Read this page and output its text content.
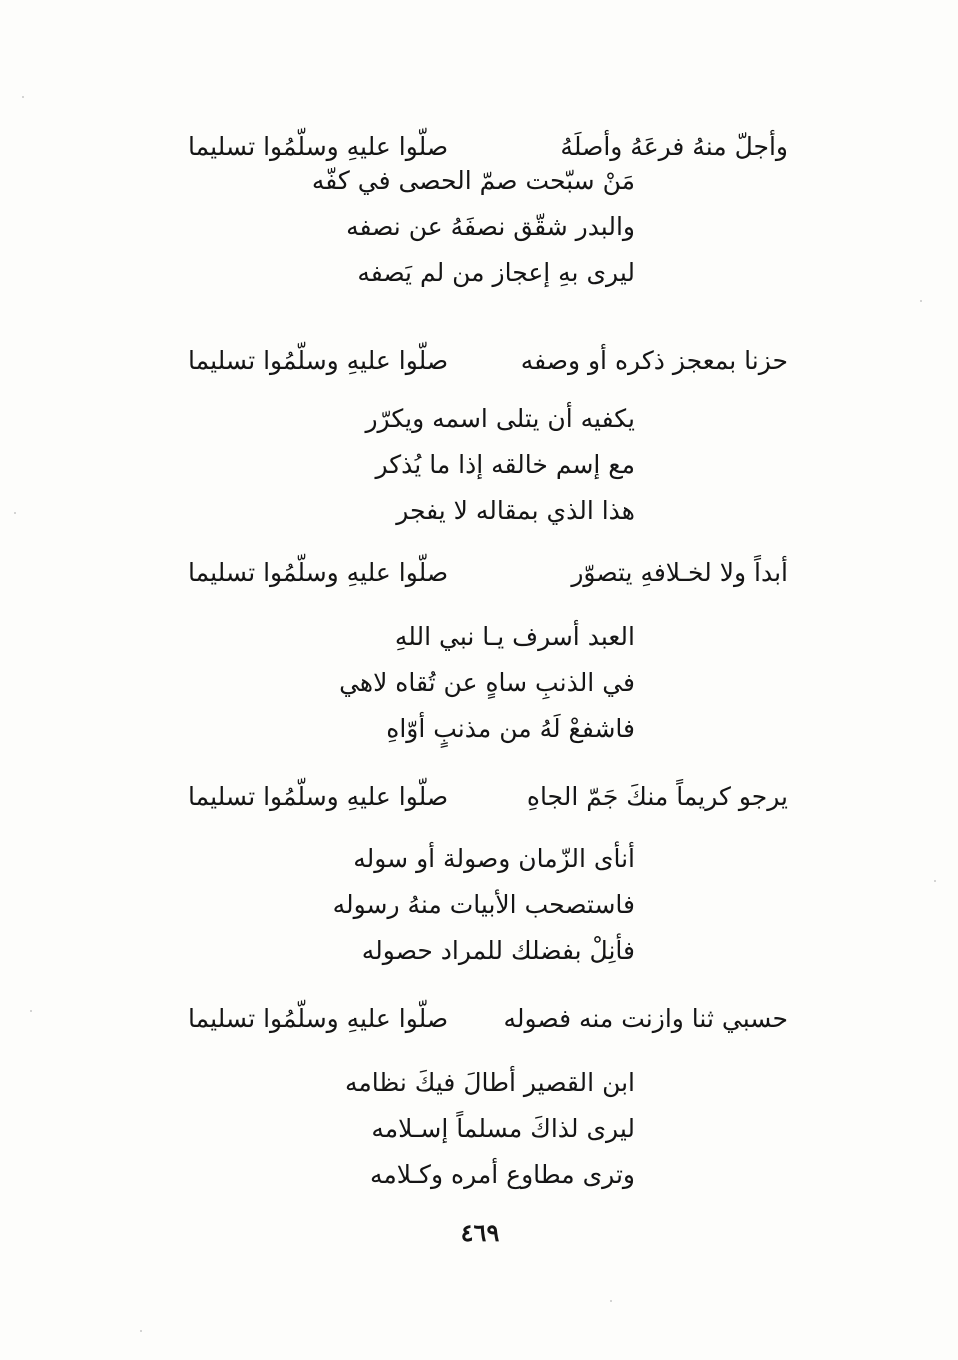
وأجلّ منهُ فرعَهُ وأصلَهُ
صلّوا عليهِ وسلّمُوا تسليما
مَنْ سبّحت صمّ الحصى في كفّه
والبدر شقّق نصفَهُ عن نصفه
ليرى بهِ إعجاز من لم يَصفه
حزنا بمعجز ذكره أو وصفه
صلّوا عليهِ وسلّمُوا تسليما
يكفيه أن يتلى اسمه ويكرّر
مع إسم خالقه إذا ما يُذكر
هذا الذي بمقاله لا يفجر
أبداً ولا لخـلافهِ يتصوّر
صلّوا عليهِ وسلّمُوا تسليما
العبد أسرف يـا نبي اللهِ
في الذنبِ ساهٍ عن تُقاه لاهي
فاشفعْ لَهُ من مذنبٍ أوّاهِ
يرجو كريماً منكَ جَمّ الجاهِ
صلّوا عليهِ وسلّمُوا تسليما
أنأى الزّمان وصولة أو سوله
فاستصحب الأبيات منهُ رسوله
فأنِلْ بفضلك للمراد حصوله
حسبي ثنا وازنت منه فصوله
صلّوا عليهِ وسلّمُوا تسليما
ابن القصير أطالَ فيكَ نظامه
ليرى لذاكَ مسلماً إسـلامه
وترى مطاوع أمره وكـلامه
٤٦٩
